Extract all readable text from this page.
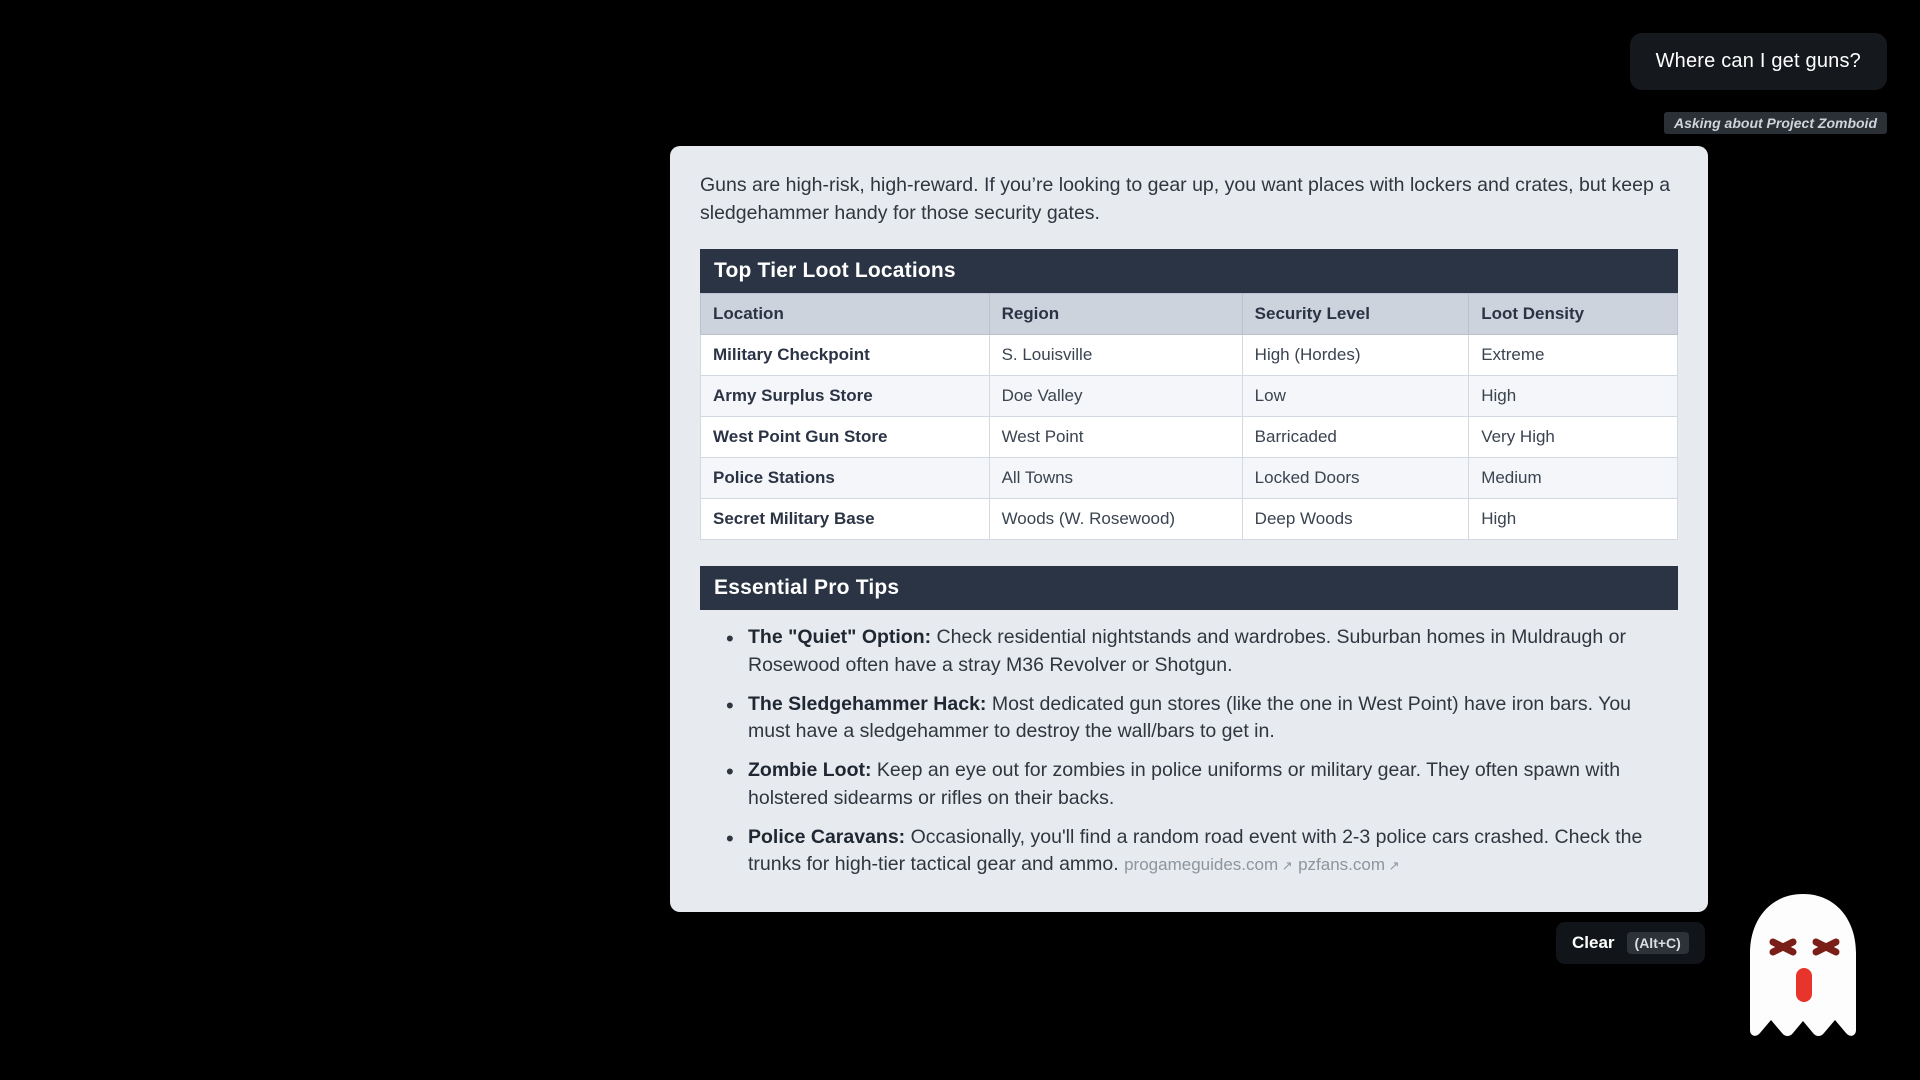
Where can I get guns?
Asking about Project Zomboid

Guns are high-risk, high-reward. If you’re looking to gear up, you want places with lockers and crates, but keep a sledgehammer handy for those security gates.

Top Tier Loot Locations
Location	Region	Security Level	Loot Density
Military Checkpoint	S. Louisville	High (Hordes)	Extreme
Army Surplus Store	Doe Valley	Low	High
West Point Gun Store	West Point	Barricaded	Very High
Police Stations	All Towns	Locked Doors	Medium
Secret Military Base	Woods (W. Rosewood)	Deep Woods	High
Essential Pro Tips
• The "Quiet" Option: Check residential nightstands and wardrobes. Suburban homes in Muldraugh or Rosewood often have a stray M36 Revolver or Shotgun.
• The Sledgehammer Hack: Most dedicated gun stores (like the one in West Point) have iron bars. You must have a sledgehammer to destroy the wall/bars to get in.
• Zombie Loot: Keep an eye out for zombies in police uniforms or military gear. They often spawn with holstered sidearms or rifles on their backs.
• Police Caravans: Occasionally, you'll find a random road event with 2-3 police cars crashed. Check the trunks for high-tier tactical gear and ammo. progameguides.com ↗ pzfans.com ↗
Clear	(Alt+C)
